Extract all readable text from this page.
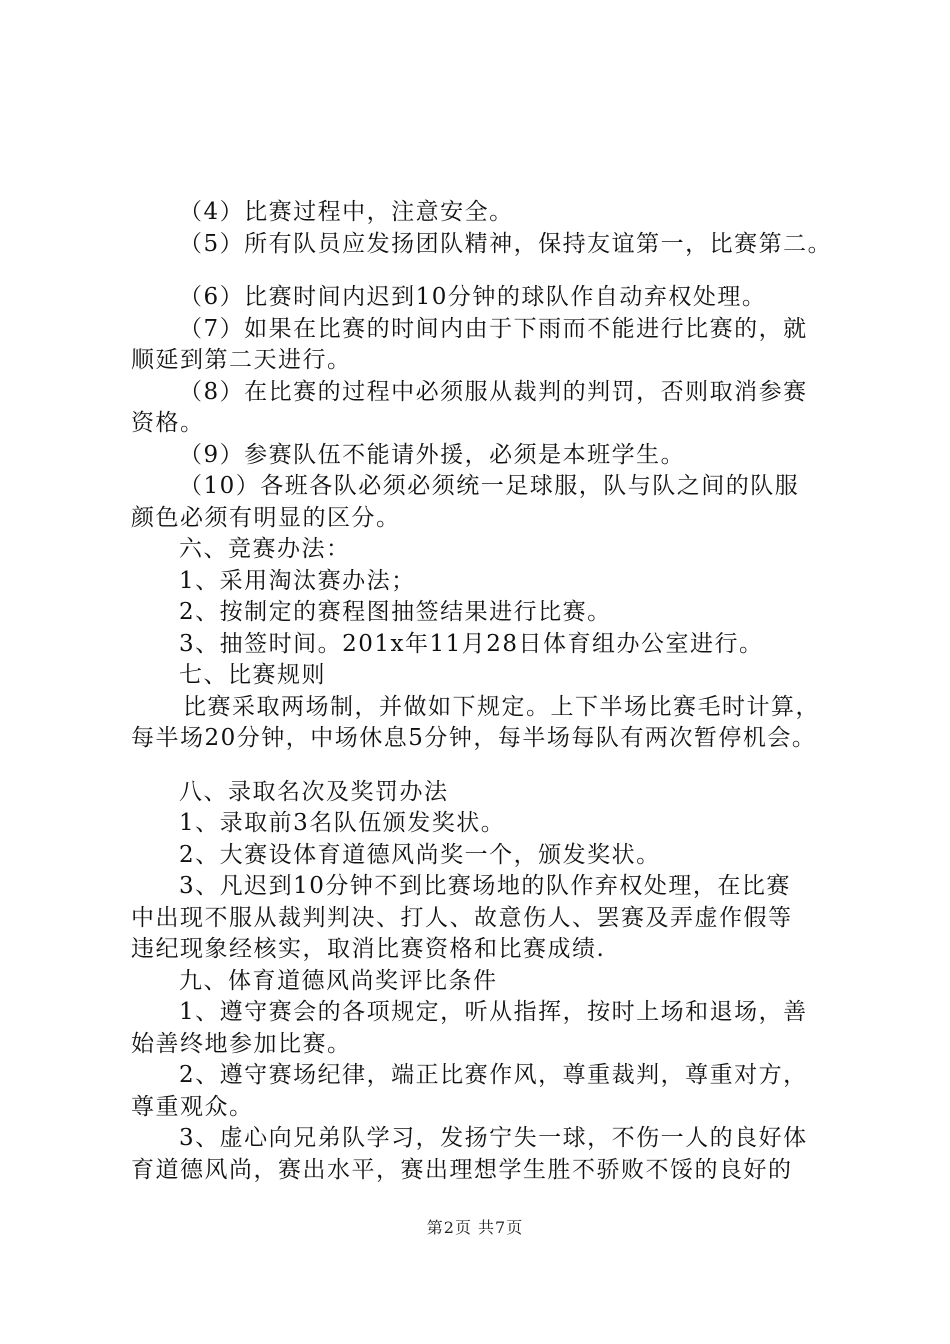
（4）比赛过程中，注意安全。
（5）所有队员应发扬团队精神，保持友谊第一，比赛第二。
（6）比赛时间内迟到10分钟的球队作自动弃权处理。
（7）如果在比赛的时间内由于下雨而不能进行比赛的，就
顺延到第二天进行。
（8）在比赛的过程中必须服从裁判的判罚，否则取消参赛
资格。
（9）参赛队伍不能请外援，必须是本班学生。
（10）各班各队必须必须统一足球服，队与队之间的队服
颜色必须有明显的区分。
六、竞赛办法：
1、采用淘汰赛办法；
2、按制定的赛程图抽签结果进行比赛。
3、抽签时间。201x年11月28日体育组办公室进行。
七、比赛规则
比赛采取两场制，并做如下规定。上下半场比赛毛时计算，
每半场20分钟，中场休息5分钟，每半场每队有两次暂停机会。
八、录取名次及奖罚办法
1、录取前3名队伍颁发奖状。
2、大赛设体育道德风尚奖一个，颁发奖状。
3、凡迟到10分钟不到比赛场地的队作弃权处理，在比赛
中出现不服从裁判判决、打人、故意伤人、罢赛及弄虚作假等
违纪现象经核实，取消比赛资格和比赛成绩.
九、体育道德风尚奖评比条件
1、遵守赛会的各项规定，听从指挥，按时上场和退场，善
始善终地参加比赛。
2、遵守赛场纪律，端正比赛作风，尊重裁判，尊重对方，
尊重观众。
3、虚心向兄弟队学习，发扬宁失一球，不伤一人的良好体
育道德风尚，赛出水平，赛出理想学生胜不骄败不馁的良好的
第2页 共7页
